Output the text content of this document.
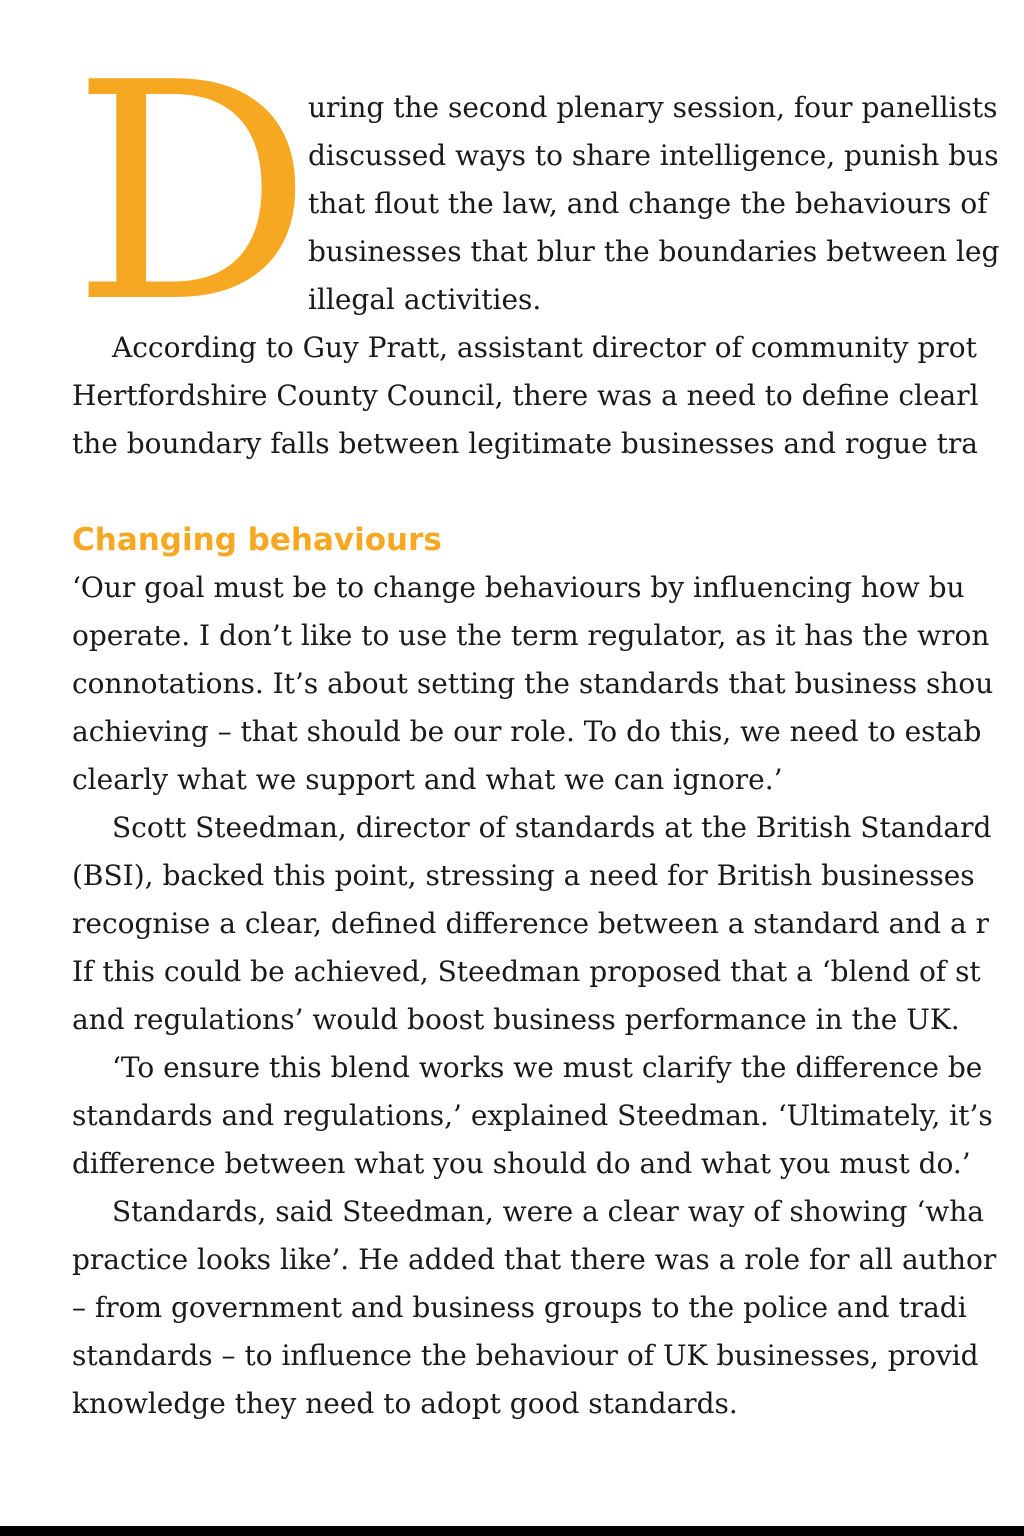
D uring the second plenary session, four panellists
discussed ways to share intelligence, punish bus
that flout the law, and change the behaviours of
businesses that blur the boundaries between leg
illegal activities.
According to Guy Pratt, assistant director of community prot
Hertfordshire County Council, there was a need to define clearl
the boundary falls between legitimate businesses and rogue tra
Changing behaviours
‘Our goal must be to change behaviours by influencing how bu
operate. I don’t like to use the term regulator, as it has the wron
connotations. It’s about setting the standards that business shou
achieving – that should be our role. To do this, we need to estab
clearly what we support and what we can ignore.’
Scott Steedman, director of standards at the British Standard
(BSI), backed this point, stressing a need for British businesses
recognise a clear, defined difference between a standard and a r
If this could be achieved, Steedman proposed that a ‘blend of st
and regulations’ would boost business performance in the UK.
‘To ensure this blend works we must clarify the difference be
standards and regulations,’ explained Steedman. ‘Ultimately, it’s
difference between what you should do and what you must do.’
Standards, said Steedman, were a clear way of showing ‘wha
practice looks like’. He added that there was a role for all author
– from government and business groups to the police and tradi
standards – to influence the behaviour of UK businesses, provid
knowledge they need to adopt good standards.
